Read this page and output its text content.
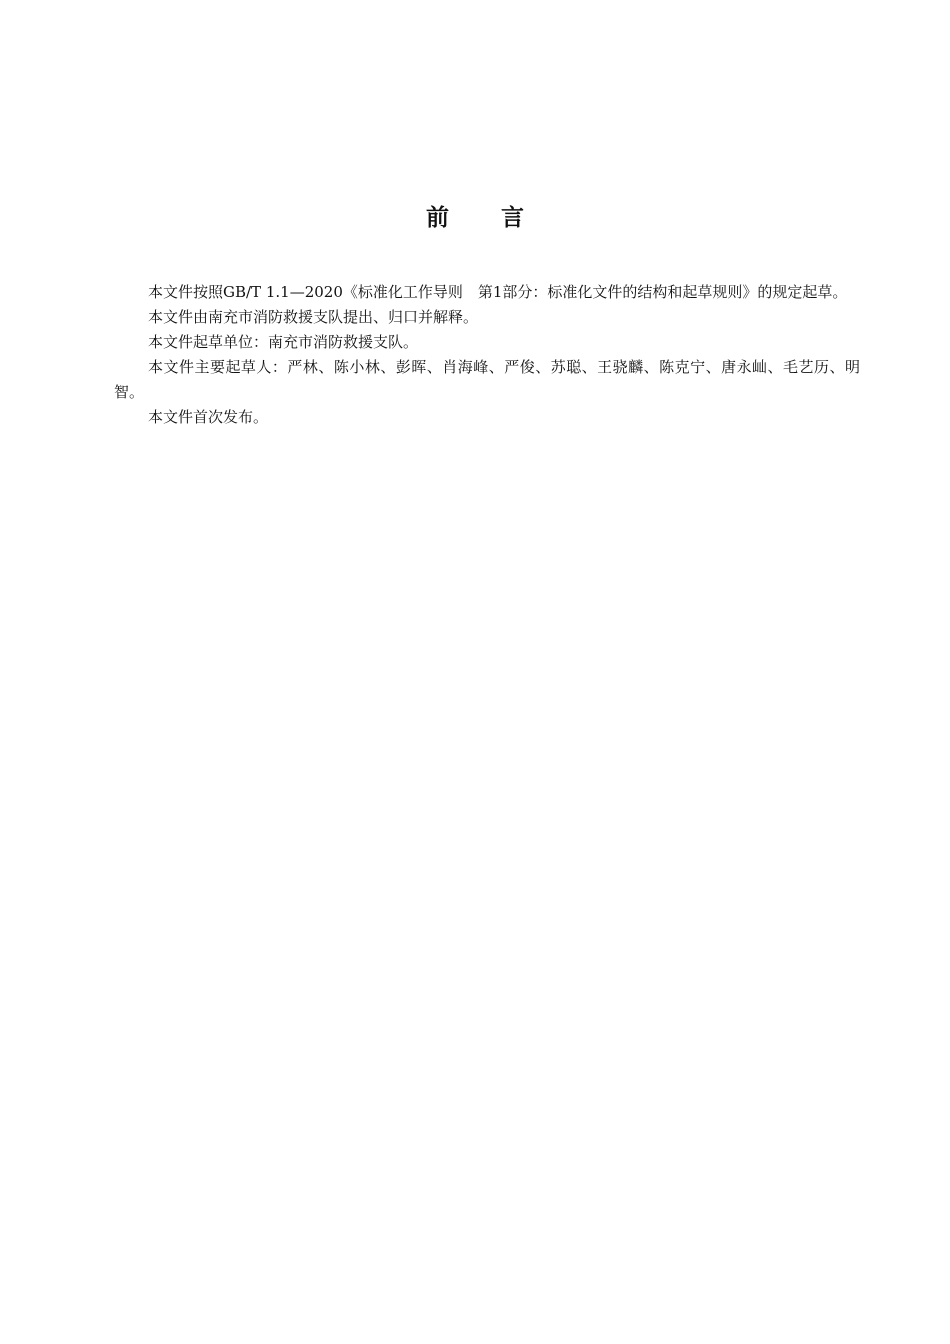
前 言

本文件按照GB/T 1.1—2020《标准化工作导则　第1部分：标准化文件的结构和起草规则》的规定起草。

本文件由南充市消防救援支队提出、归口并解释。

本文件起草单位：南充市消防救援支队。

本文件主要起草人：严林、陈小林、彭晖、肖海峰、严俊、苏聪、王骁麟、陈克宁、唐永屾、毛艺历、明智。

本文件首次发布。
